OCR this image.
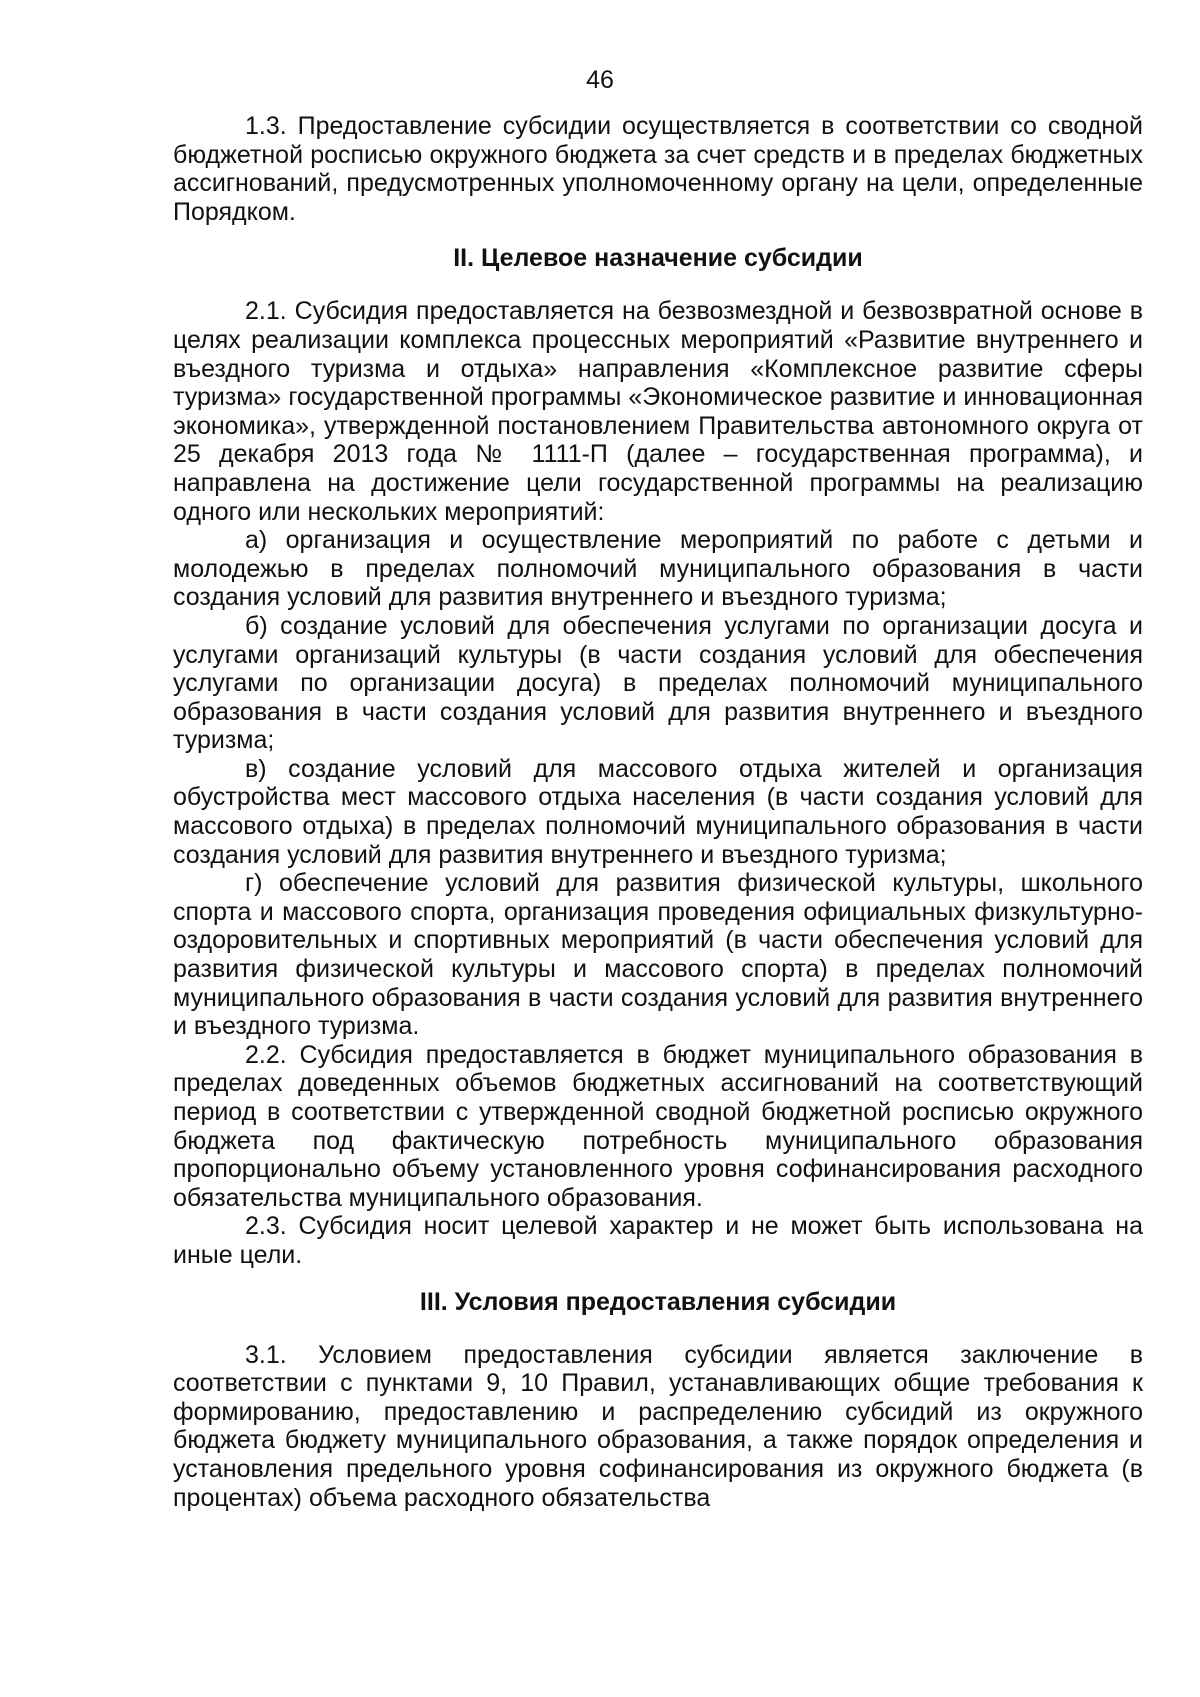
46

1.3. Предоставление субсидии осуществляется в соответствии со сводной бюджетной росписью окружного бюджета за счет средств и в пределах бюджетных ассигнований, предусмотренных уполномоченному органу на цели, определенные Порядком.

II. Целевое назначение субсидии

2.1. Субсидия предоставляется на безвозмездной и безвозвратной основе в целях реализации комплекса процессных мероприятий «Развитие внутреннего и въездного туризма и отдыха» направления «Комплексное развитие сферы туризма» государственной программы «Экономическое развитие и инновационная экономика», утвержденной постановлением Правительства автономного округа от 25 декабря 2013 года № 1111-П (далее – государственная программа), и направлена на достижение цели государственной программы на реализацию одного или нескольких мероприятий:

а) организация и осуществление мероприятий по работе с детьми и молодежью в пределах полномочий муниципального образования в части создания условий для развития внутреннего и въездного туризма;

б) создание условий для обеспечения услугами по организации досуга и услугами организаций культуры (в части создания условий для обеспечения услугами по организации досуга) в пределах полномочий муниципального образования в части создания условий для развития внутреннего и въездного туризма;

в) создание условий для массового отдыха жителей и организация обустройства мест массового отдыха населения (в части создания условий для массового отдыха) в пределах полномочий муниципального образования в части создания условий для развития внутреннего и въездного туризма;

г) обеспечение условий для развития физической культуры, школьного спорта и массового спорта, организация проведения официальных физкультурно-оздоровительных и спортивных мероприятий (в части обеспечения условий для развития физической культуры и массового спорта) в пределах полномочий муниципального образования в части создания условий для развития внутреннего и въездного туризма.

2.2. Субсидия предоставляется в бюджет муниципального образования в пределах доведенных объемов бюджетных ассигнований на соответствующий период в соответствии с утвержденной сводной бюджетной росписью окружного бюджета под фактическую потребность муниципального образования пропорционально объему установленного уровня софинансирования расходного обязательства муниципального образования.

2.3. Субсидия носит целевой характер и не может быть использована на иные цели.

III. Условия предоставления субсидии

3.1. Условием предоставления субсидии является заключение в соответствии с пунктами 9, 10 Правил, устанавливающих общие требования к формированию, предоставлению и распределению субсидий из окружного бюджета бюджету муниципального образования, а также порядок определения и установления предельного уровня софинансирования из окружного бюджета (в процентах) объема расходного обязательства
